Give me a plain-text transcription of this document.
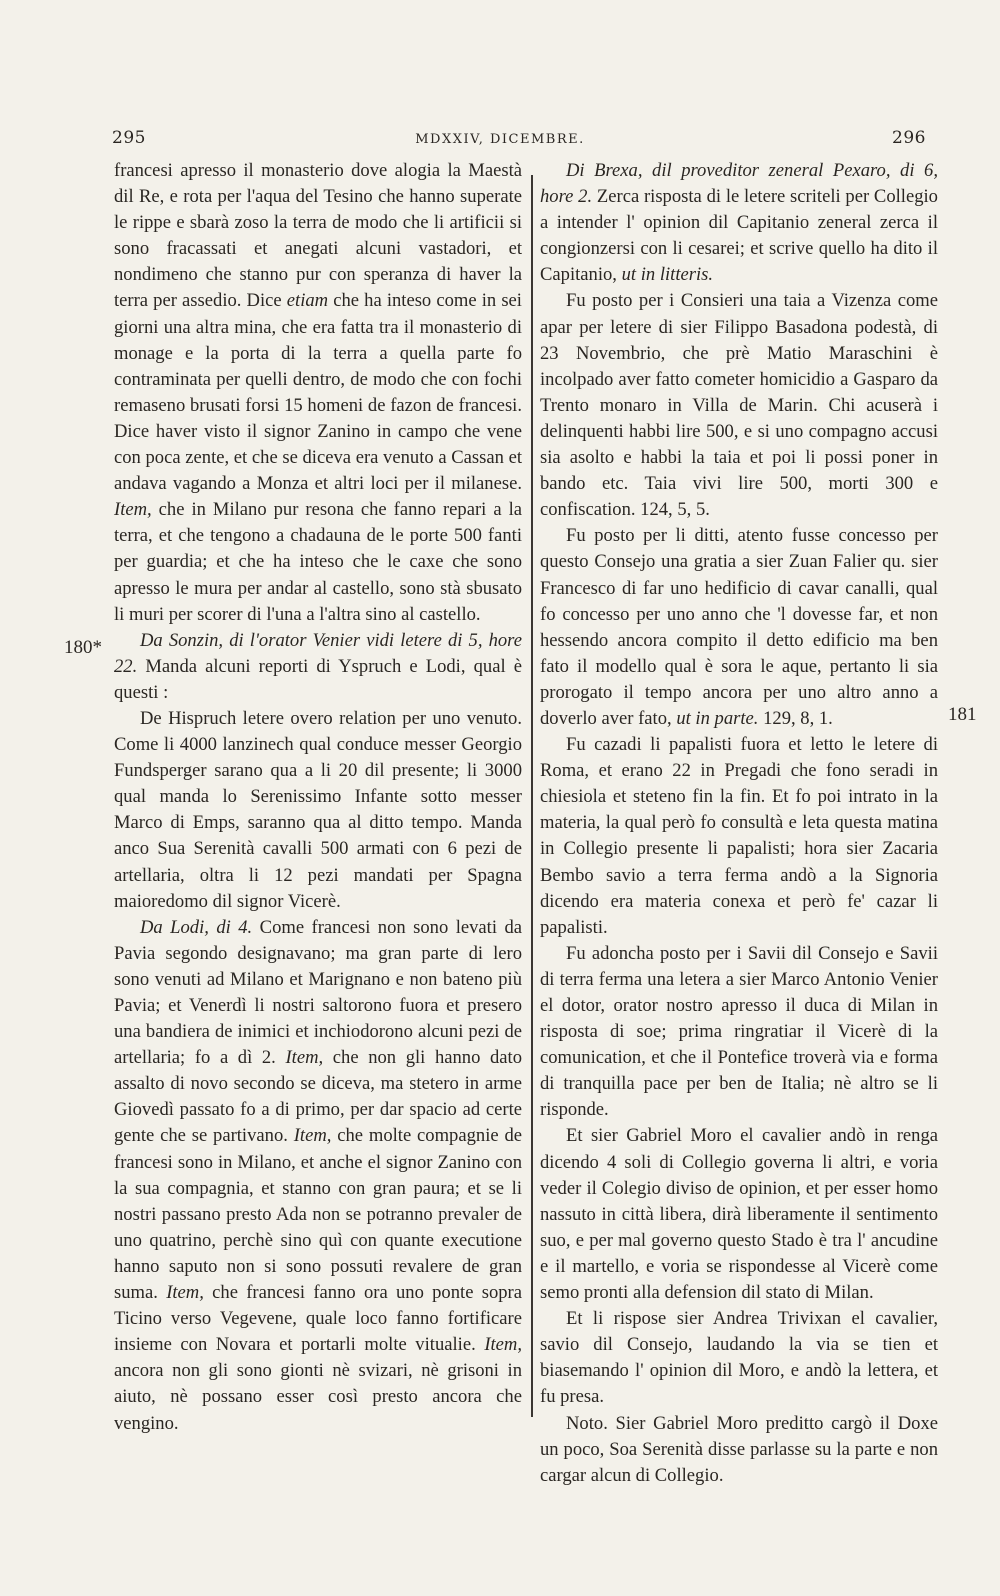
295	MDXXIV, DICEMBRE.	296
180*
181

francesi apresso il monasterio dove alogia la Maestà dil Re, e rota per l'aqua del Tesino che hanno superate le rippe e sbarà zoso la terra de modo che li artificii si sono fracassati et anegati alcuni vastadori, et nondimeno che stanno pur con speranza di haver la terra per assedio. Dice etiam che ha inteso come in sei giorni una altra mina, che era fatta tra il monasterio di monage e la porta di la terra a quella parte fo contraminata per quelli dentro, de modo che con fochi remaseno brusati forsi 15 homeni de fazon de francesi. Dice haver visto il signor Zanino in campo che vene con poca zente, et che se diceva era venuto a Cassan et andava vagando a Monza et altri loci per il milanese. Item, che in Milano pur resona che fanno repari a la terra, et che tengono a chadauna de le porte 500 fanti per guardia; et che ha inteso che le caxe che sono apresso le mura per andar al castello, sono stà sbusato li muri per scorer di l'una a l'altra sino al castello.

Da Sonzin, di l'orator Venier vidi letere di 5, hore 22. Manda alcuni reporti di Yspruch e Lodi, qual è questi :

De Hispruch letere overo relation per uno venuto. Come li 4000 lanzinech qual conduce messer Georgio Fundsperger sarano qua a li 20 dil presente; li 3000 qual manda lo Serenissimo Infante sotto messer Marco di Emps, saranno qua al ditto tempo. Manda anco Sua Serenità cavalli 500 armati con 6 pezi de artellaria, oltra li 12 pezi mandati per Spagna maioredomo dil signor Vicerè.

Da Lodi, di 4. Come francesi non sono levati da Pavia segondo designavano; ma gran parte di lero sono venuti ad Milano et Marignano e non bateno più Pavia; et Venerdì li nostri saltorono fuora et presero una bandiera de inimici et inchiodorono alcuni pezi de artellaria; fo a dì 2. Item, che non gli hanno dato assalto di novo secondo se diceva, ma stetero in arme Giovedì passato fo a di primo, per dar spacio ad certe gente che se partivano. Item, che molte compagnie de francesi sono in Milano, et anche el signor Zanino con la sua compagnia, et stanno con gran paura; et se li nostri passano presto Ada non se potranno prevaler de uno quatrino, perchè sino quì con quante executione hanno saputo non si sono possuti revalere de gran suma. Item, che francesi fanno ora uno ponte sopra Ticino verso Vegevene, quale loco fanno fortificare insieme con Novara et portarli molte vitualie. Item, ancora non gli sono gionti nè svizari, nè grisoni in aiuto, nè possano esser così presto ancora che vengino.

Di Brexa, dil proveditor zeneral Pexaro, di 6, hore 2. Zerca risposta di le letere scriteli per Collegio a intender l' opinion dil Capitanio zeneral zerca il congionzersi con li cesarei; et scrive quello ha dito il Capitanio, ut in litteris.

Fu posto per i Consieri una taia a Vizenza come apar per letere di sier Filippo Basadona podestà, di 23 Novembrio, che prè Matio Maraschini è incolpado aver fatto cometer homicidio a Gasparo da Trento monaro in Villa de Marin. Chi acuserà i delinquenti habbi lire 500, e si uno compagno accusi sia asolto e habbi la taia et poi li possi poner in bando etc. Taia vivi lire 500, morti 300 e confiscation. 124, 5, 5.

Fu posto per li ditti, atento fusse concesso per questo Consejo una gratia a sier Zuan Falier qu. sier Francesco di far uno hedificio di cavar canalli, qual fo concesso per uno anno che 'l dovesse far, et non hessendo ancora compito il detto edificio ma ben fato il modello qual è sora le aque, pertanto li sia prorogato il tempo ancora per uno altro anno a doverlo aver fato, ut in parte. 129, 8, 1.

Fu cazadi li papalisti fuora et letto le letere di Roma, et erano 22 in Pregadi che fono seradi in chiesiola et steteno fin la fin. Et fo poi intrato in la materia, la qual però fo consultà e leta questa matina in Collegio presente li papalisti; hora sier Zacaria Bembo savio a terra ferma andò a la Signoria dicendo era materia conexa et però fe' cazar li papalisti.

Fu adoncha posto per i Savii dil Consejo e Savii di terra ferma una letera a sier Marco Antonio Venier el dotor, orator nostro apresso il duca di Milan in risposta di soe; prima ringratiar il Vicerè di la comunication, et che il Pontefice troverà via e forma di tranquilla pace per ben de Italia; nè altro se li risponde.

Et sier Gabriel Moro el cavalier andò in renga dicendo 4 soli di Collegio governa li altri, e voria veder il Colegio diviso de opinion, et per esser homo nassuto in città libera, dirà liberamente il sentimento suo, e per mal governo questo Stado è tra l' ancudine e il martello, e voria se rispondesse al Vicerè come semo pronti alla defension dil stato di Milan.

Et li rispose sier Andrea Trivixan el cavalier, savio dil Consejo, laudando la via se tien et biasemando l' opinion dil Moro, e andò la lettera, et fu presa.

Noto. Sier Gabriel Moro preditto cargò il Doxe un poco, Soa Serenità disse parlasse su la parte e non cargar alcun di Collegio.
